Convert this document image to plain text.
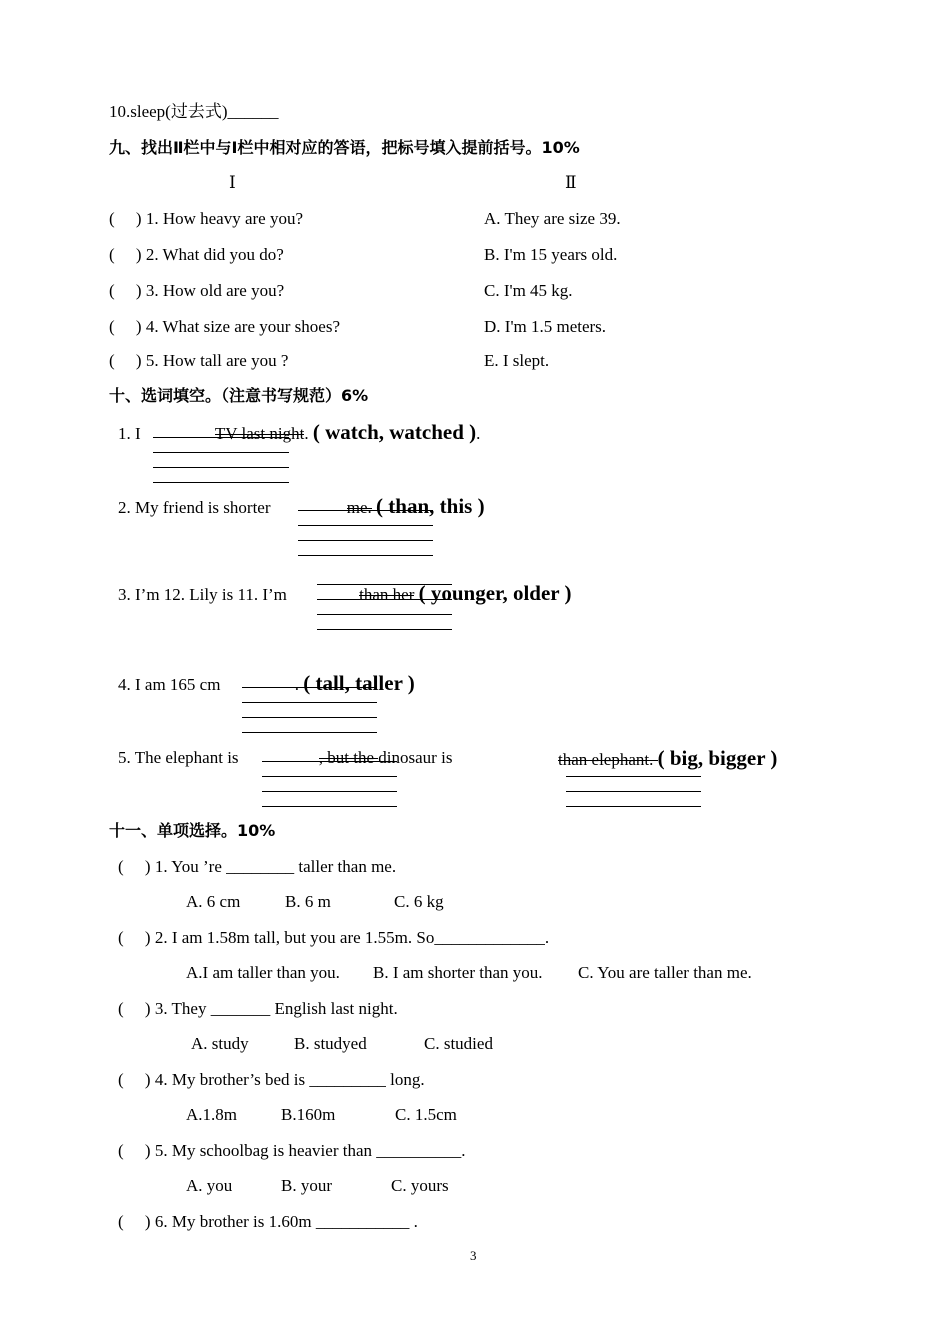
10.sleep(过去式)______
九、找出Ⅱ栏中与Ⅰ栏中相对应的答语，把标号填入提前括号。10%
Ⅰ	Ⅱ
(     ) 1. How heavy are you?	A. They are size 39.
(     ) 2. What did you do?	B. I'm 15 years old.
(     ) 3. How old are you?	C. I'm 45 kg.
(     ) 4. What size are your shoes?	D. I'm 1.5 meters.
(     ) 5. How tall are you ?	E. I slept.
十、选词填空。（注意书写规范）6%
1. I	TV last night. ( watch, watched ).
2. My friend is shorter	me. ( than, this )
3. I’m 12. Lily is 11. I’m	than her ( younger, older )
4. I am 165 cm	. ( tall, taller )
5. The elephant is	, but the dinosaur is	than elephant. ( big, bigger )
十一、单项选择。10%
(     ) 1. You ’re ________ taller than me.
A. 6 cm	B. 6 m	C. 6 kg
(     ) 2. I am 1.58m tall, but you are 1.55m. So_____________.
A.I am taller than you. B. I am shorter than you. C. You are taller than me.
(     ) 3. They _______ English last night.
A. study	B. studyed	C. studied
(     ) 4. My brother’s bed is _________ long.
A.1.8m	B.160m	C. 1.5cm
(     ) 5. My schoolbag is heavier than __________.
A. you	B. your	C. yours
(     ) 6. My brother is 1.60m ___________ .
3
